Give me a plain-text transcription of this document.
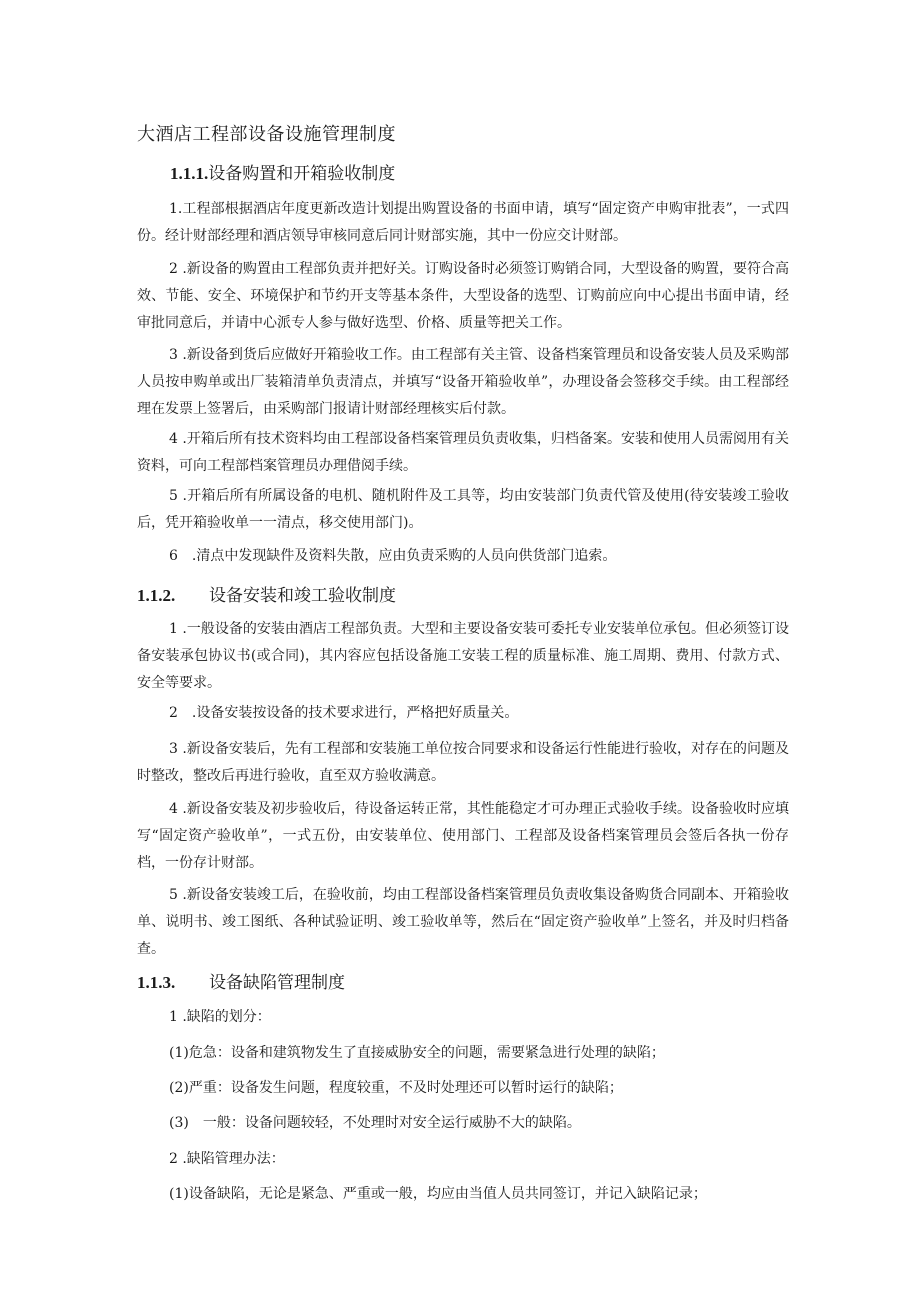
大酒店工程部设备设施管理制度
1.1.1.设备购置和开箱验收制度

1.工程部根据酒店年度更新改造计划提出购置设备的书面申请，填写“固定资产申购审批表”，一式四份。经计财部经理和酒店领导审核同意后同计财部实施，其中一份应交计财部。

2 .新设备的购置由工程部负责并把好关。订购设备时必须签订购销合同，大型设备的购置，要符合高效、节能、安全、环境保护和节约开支等基本条件，大型设备的选型、订购前应向中心提出书面申请，经审批同意后，并请中心派专人参与做好选型、价格、质量等把关工作。

3 .新设备到货后应做好开箱验收工作。由工程部有关主管、设备档案管理员和设备安装人员及采购部人员按申购单或出厂装箱清单负责清点，并填写“设备开箱验收单”，办理设备会签移交手续。由工程部经理在发票上签署后，由采购部门报请计财部经理核实后付款。

4 .开箱后所有技术资料均由工程部设备档案管理员负责收集，归档备案。安装和使用人员需阅用有关资料，可向工程部档案管理员办理借阅手续。

5 .开箱后所有所属设备的电机、随机附件及工具等，均由安装部门负责代管及使用(待安装竣工验收后，凭开箱验收单一一清点，移交使用部门)。

6　.清点中发现缺件及资料失散，应由负责采购的人员向供货部门追索。

1.1.2. 设备安装和竣工验收制度

1 .一般设备的安装由酒店工程部负责。大型和主要设备安装可委托专业安装单位承包。但必须签订设备安装承包协议书(或合同)，其内容应包括设备施工安装工程的质量标准、施工周期、费用、付款方式、安全等要求。

2　.设备安装按设备的技术要求进行，严格把好质量关。

3 .新设备安装后，先有工程部和安装施工单位按合同要求和设备运行性能进行验收，对存在的问题及时整改，整改后再进行验收，直至双方验收满意。

4 .新设备安装及初步验收后，待设备运转正常，其性能稳定才可办理正式验收手续。设备验收时应填写“固定资产验收单”，一式五份，由安装单位、使用部门、工程部及设备档案管理员会签后各执一份存档，一份存计财部。

5 .新设备安装竣工后，在验收前，均由工程部设备档案管理员负责收集设备购货合同副本、开箱验收单、说明书、竣工图纸、各种试验证明、竣工验收单等，然后在“固定资产验收单”上签名，并及时归档备查。

1.1.3. 设备缺陷管理制度
1 .缺陷的划分：
(1)危急：设备和建筑物发生了直接威胁安全的问题，需要紧急进行处理的缺陷；
(2)严重：设备发生问题，程度较重，不及时处理还可以暂时运行的缺陷；
(3)　一般：设备问题较轻，不处理时对安全运行威胁不大的缺陷。
2 .缺陷管理办法：
(1)设备缺陷，无论是紧急、严重或一般，均应由当值人员共同签订，并记入缺陷记录；
